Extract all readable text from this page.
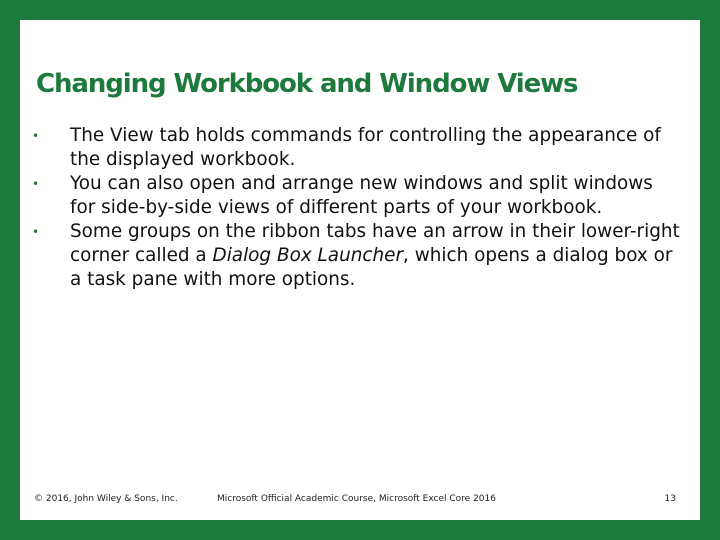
Changing Workbook and Window Views
•	The View tab holds commands for controlling the appearance of the displayed workbook.
•	You can also open and arrange new windows and split windows for side-by-side views of different parts of your workbook.
•	Some groups on the ribbon tabs have an arrow in their lower-right corner called a Dialog Box Launcher, which opens a dialog box or a task pane with more options.
© 2016, John Wiley & Sons, Inc.	Microsoft Official Academic Course, Microsoft Excel Core 2016	13
